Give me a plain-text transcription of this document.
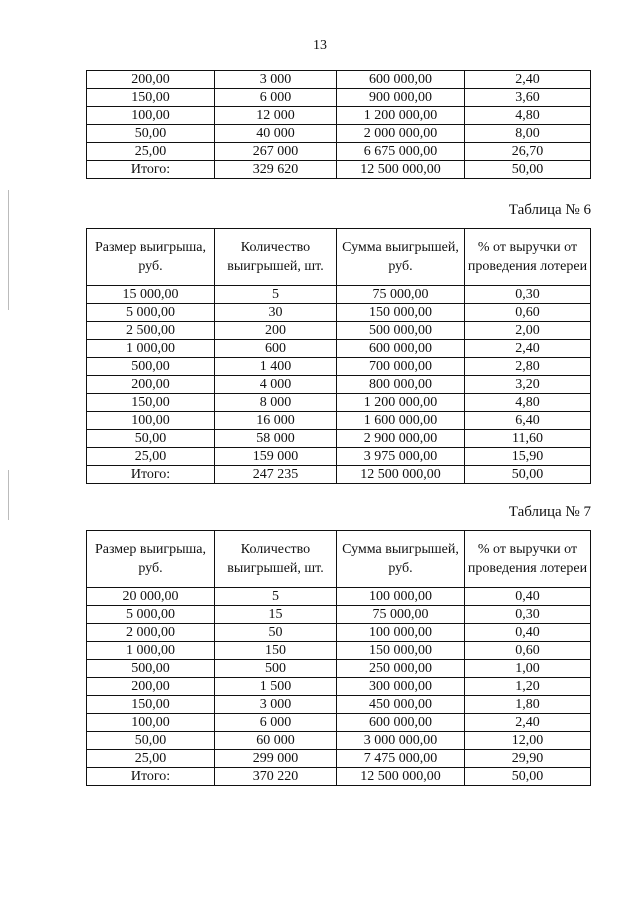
13
200,00	3 000	600 000,00	2,40
150,00	6 000	900 000,00	3,60
100,00	12 000	1 200 000,00	4,80
50,00	40 000	2 000 000,00	8,00
25,00	267 000	6 675 000,00	26,70
Итого:	329 620	12 500 000,00	50,00
Таблица № 6
Размер выигрыша, руб.	Количество выигрышей, шт.	Сумма выигрышей, руб.	% от выручки от проведения лотереи
15 000,00	5	75 000,00	0,30
5 000,00	30	150 000,00	0,60
2 500,00	200	500 000,00	2,00
1 000,00	600	600 000,00	2,40
500,00	1 400	700 000,00	2,80
200,00	4 000	800 000,00	3,20
150,00	8 000	1 200 000,00	4,80
100,00	16 000	1 600 000,00	6,40
50,00	58 000	2 900 000,00	11,60
25,00	159 000	3 975 000,00	15,90
Итого:	247 235	12 500 000,00	50,00
Таблица № 7
Размер выигрыша, руб.	Количество выигрышей, шт.	Сумма выигрышей, руб.	% от выручки от проведения лотереи
20 000,00	5	100 000,00	0,40
5 000,00	15	75 000,00	0,30
2 000,00	50	100 000,00	0,40
1 000,00	150	150 000,00	0,60
500,00	500	250 000,00	1,00
200,00	1 500	300 000,00	1,20
150,00	3 000	450 000,00	1,80
100,00	6 000	600 000,00	2,40
50,00	60 000	3 000 000,00	12,00
25,00	299 000	7 475 000,00	29,90
Итого:	370 220	12 500 000,00	50,00
